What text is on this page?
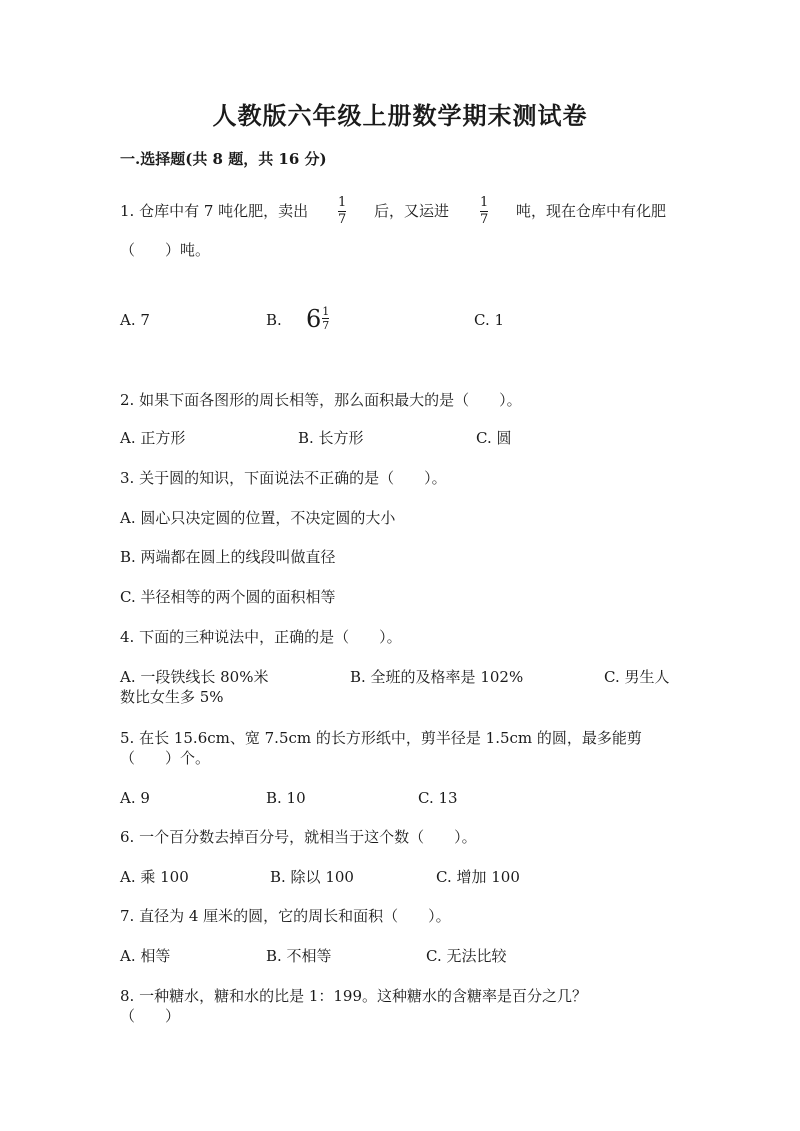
人教版六年级上册数学期末测试卷
一.选择题(共 8 题，共 16 分)
1. 仓库中有 7 吨化肥，卖出 1
7 后，又运进 1
7 吨，现在仓库中有化肥
（　　）吨。
A. 7	B. $6 \frac{1}{7}$	C. 1
2. 如果下面各图形的周长相等，那么面积最大的是（　　）。
A. 正方形	B. 长方形	C. 圆
3. 关于圆的知识，下面说法不正确的是（　　）。
A. 圆心只决定圆的位置，不决定圆的大小
B. 两端都在圆上的线段叫做直径
C. 半径相等的两个圆的面积相等
4. 下面的三种说法中，正确的是（　　）。
A. 一段铁线长 80%米	B. 全班的及格率是 102%	C. 男生人
数比女生多 5%
5. 在长 15.6cm、宽 7.5cm 的长方形纸中，剪半径是 1.5cm 的圆，最多能剪
（　　）个。
A. 9	B. 10	C. 13
6. 一个百分数去掉百分号，就相当于这个数（　　）。
A. 乘 100	B. 除以 100	C. 增加 100
7. 直径为 4 厘米的圆，它的周长和面积（　　）。
A. 相等	B. 不相等	C. 无法比较
8. 一种糖水，糖和水的比是 1：199。这种糖水的含糖率是百分之几？
（　　）
